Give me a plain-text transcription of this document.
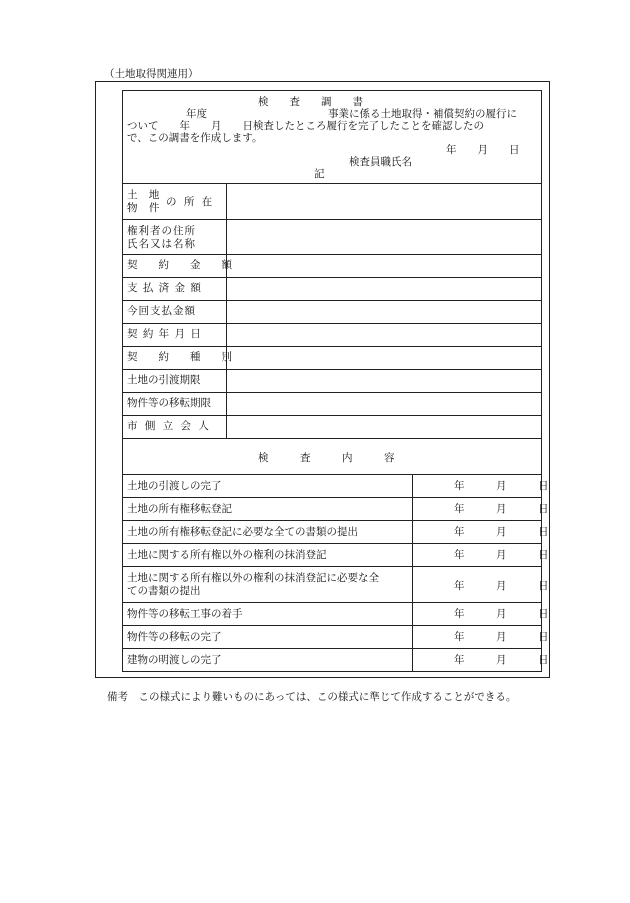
（土地取得関連用）
検　　査　　調　　書
年度	事業に係る土地取得・補償契約の履行に
ついて　　年　　月　　日検査したところ履行を完了したことを確認したの
で、この調書を作成します。
年　　月　　日
検査員職氏名
記
土 地
物 件 の 所 在
権利者の住所
氏名又は名称
契　　約　　金　　額
支 払 済 金 額
今回支払金額
契 約 年 月 日
契　　約　　種　　別
土地の引渡期限
物件等の移転期限
市 側 立 会 人
検　　　査　　　内　　　容
土地の引渡しの完了	年　　　月　　　日
土地の所有権移転登記	年　　　月　　　日
土地の所有権移転登記に必要な全ての書類の提出	年　　　月　　　日
土地に関する所有権以外の権利の抹消登記	年　　　月　　　日
土地に関する所有権以外の権利の抹消登記に必要な全
ての書類の提出	年　　　月　　　日
物件等の移転工事の着手	年　　　月　　　日
物件等の移転の完了	年　　　月　　　日
建物の明渡しの完了	年　　　月　　　日
備考　この様式により難いものにあっては、この様式に準じて作成することができる。
